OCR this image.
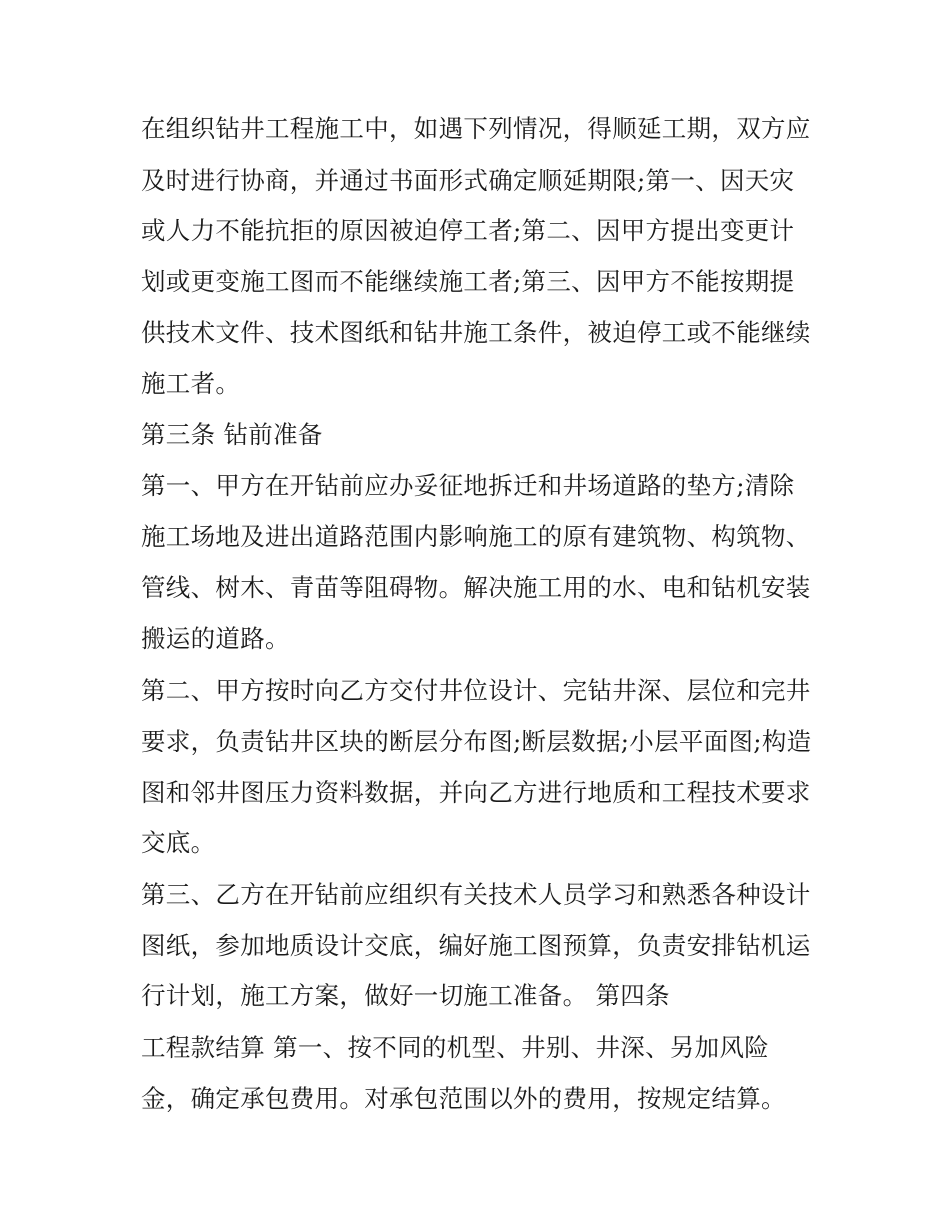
在组织钻井工程施工中，如遇下列情况，得顺延工期，双方应
及时进行协商，并通过书面形式确定顺延期限;第一、因天灾
或人力不能抗拒的原因被迫停工者;第二、因甲方提出变更计
划或更变施工图而不能继续施工者;第三、因甲方不能按期提
供技术文件、技术图纸和钻井施工条件，被迫停工或不能继续
施工者。
第三条 钻前准备
第一、甲方在开钻前应办妥征地拆迁和井场道路的垫方;清除
施工场地及进出道路范围内影响施工的原有建筑物、构筑物、
管线、树木、青苗等阻碍物。解决施工用的水、电和钻机安装
搬运的道路。
第二、甲方按时向乙方交付井位设计、完钻井深、层位和完井
要求，负责钻井区块的断层分布图;断层数据;小层平面图;构造
图和邻井图压力资料数据，并向乙方进行地质和工程技术要求
交底。
第三、乙方在开钻前应组织有关技术人员学习和熟悉各种设计
图纸，参加地质设计交底，编好施工图预算，负责安排钻机运
行计划，施工方案，做好一切施工准备。 第四条
工程款结算 第一、按不同的机型、井别、井深、另加风险
金，确定承包费用。对承包范围以外的费用，按规定结算。
